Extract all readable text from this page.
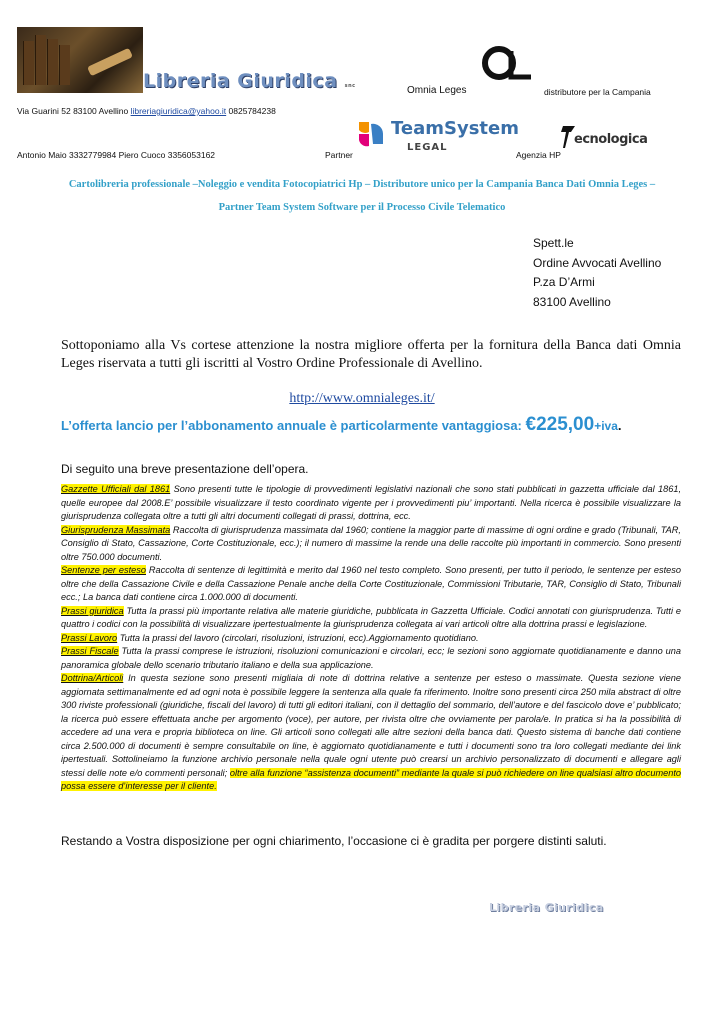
Libreria Giuridica snc	Omnia Leges	distributore per la Campania
Via Guarini 52 83100 Avellino libreriagiuridica@yahoo.it 0825784238
Antonio Maio 3332779984 Piero Cuoco 3356053162	Partner
TeamSystem
LEGAL
Agenzia HP
ecnologica
Cartolibreria professionale –Noleggio e vendita Fotocopiatrici Hp – Distributore unico per la Campania Banca Dati Omnia Leges –
Partner Team System Software per il Processo Civile Telematico
Spett.le
Ordine Avvocati Avellino
P.za D’Armi
83100 Avellino
Sottoponiamo alla Vs cortese attenzione la nostra migliore offerta per la fornitura della Banca dati Omnia Leges riservata a tutti gli iscritti al Vostro Ordine Professionale di Avellino.
http://www.omnialeges.it/
L’offerta lancio per l’abbonamento annuale è particolarmente vantaggiosa: €225,00+iva.
Di seguito una breve presentazione dell’opera.

Gazzette Ufficiali dal 1861 Sono presenti tutte le tipologie di provvedimenti legislativi nazionali che sono stati pubblicati in gazzetta ufficiale dal 1861, quelle europee dal 2008.E’ possibile visualizzare il testo coordinato vigente per i provvedimenti piu’ importanti. Nella ricerca è possibile visualizzare la giurisprudenza collegata oltre a tutti gli altri documenti collegati di prassi, dottrina, ecc.

Giurisprudenza Massimata Raccolta di giurisprudenza massimata dal 1960; contiene la maggior parte di massime di ogni ordine e grado (Tribunali, TAR, Consiglio di Stato, Cassazione, Corte Costituzionale, ecc.); il numero di massime la rende una delle raccolte più importanti in commercio. Sono presenti oltre 750.000 documenti.

Sentenze per esteso Raccolta di sentenze di legittimità e merito dal 1960 nel testo completo. Sono presenti, per tutto il periodo, le sentenze per esteso oltre che della Cassazione Civile e della Cassazione Penale anche della Corte Costituzionale, Commissioni Tributarie, TAR, Consiglio di Stato, Tribunali ecc.; La banca dati contiene circa 1.000.000 di documenti.

Prassi giuridica Tutta la prassi più importante relativa alle materie giuridiche, pubblicata in Gazzetta Ufficiale. Codici annotati con giurisprudenza. Tutti e quattro i codici con la possibilità di visualizzare ipertestualmente la giurisprudenza collegata ai vari articoli oltre alla dottrina prassi e legislazione.

Prassi Lavoro Tutta la prassi del lavoro (circolari, risoluzioni, istruzioni, ecc).Aggiornamento quotidiano.

Prassi Fiscale Tutta la prassi comprese le istruzioni, risoluzioni comunicazioni e circolari, ecc; le sezioni sono aggiornate quotidianamente e danno una panoramica globale dello scenario tributario italiano e della sua applicazione.

Dottrina/Articoli In questa sezione sono presenti migliaia di note di dottrina relative a sentenze per esteso o massimate. Questa sezione viene aggiornata settimanalmente ed ad ogni nota è possibile leggere la sentenza alla quale fa riferimento. Inoltre sono presenti circa 250 mila abstract di oltre 300 riviste professionali (giuridiche, fiscali del lavoro) di tutti gli editori italiani, con il dettaglio del sommario, dell’autore e del fascicolo dove e’ pubblicato; la ricerca può essere effettuata anche per argomento (voce), per autore, per rivista oltre che ovviamente per parola/e. In pratica si ha la possibilità di accedere ad una vera e propria biblioteca on line. Gli articoli sono collegati alle altre sezioni della banca dati. Questo sistema di banche dati contiene circa 2.500.000 di documenti è sempre consultabile on line, è aggiornato quotidianamente e tutti i documenti sono tra loro collegati mediante dei link ipertestuali. Sottolineiamo la funzione archivio personale nella quale ogni utente può crearsi un archivio personalizzato di documenti e allegare agli stessi delle note e/o commenti personali; oltre alla funzione “assistenza documenti” mediante la quale si può richiedere on line qualsiasi altro documento possa essere d’interesse per il cliente.

Restando a Vostra disposizione per ogni chiarimento, l’occasione ci è gradita per porgere distinti saluti.
Libreria Giuridica
